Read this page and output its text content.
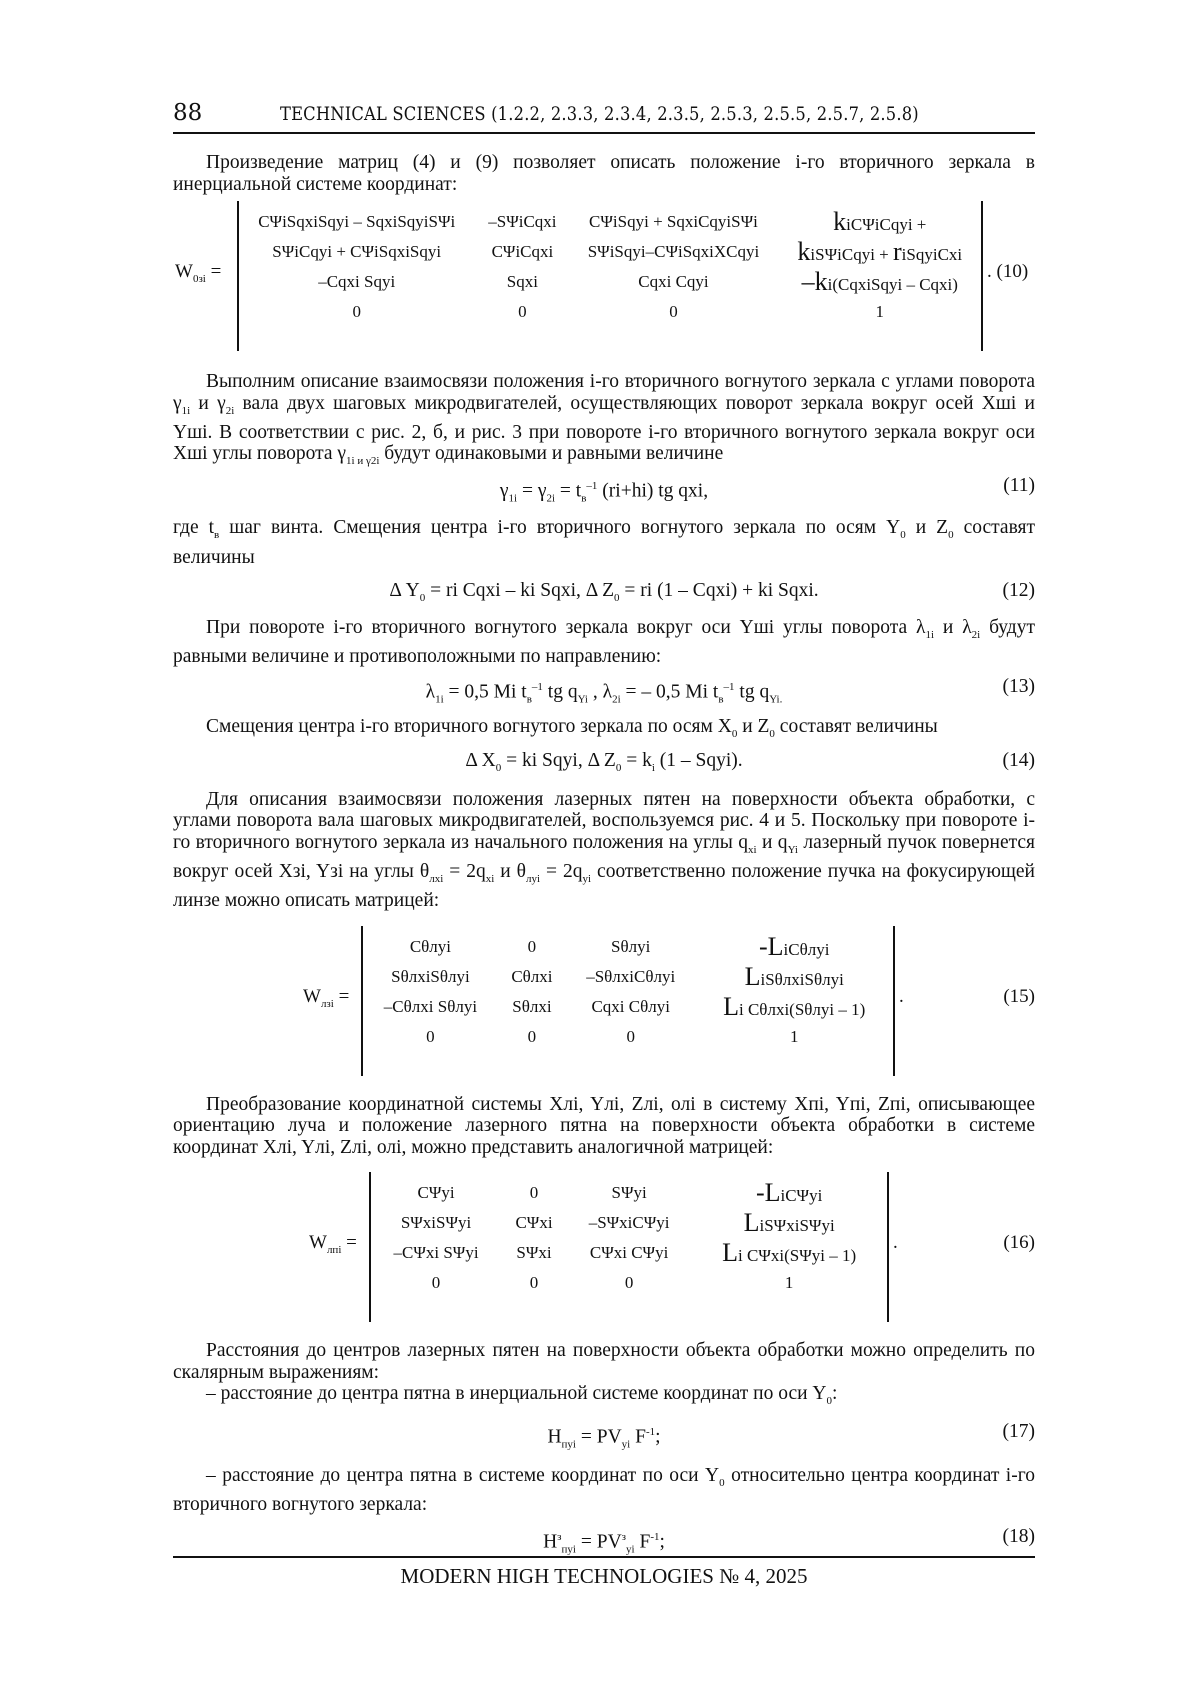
88	TECHNICAL SCIENCES (1.2.2, 2.3.3, 2.3.4, 2.3.5, 2.5.3, 2.5.5, 2.5.7, 2.5.8)

Произведение матриц (4) и (9) позволяет описать положение і-го вторичного зеркала в инерциальной системе координат:

$W_{0зі}$ =
CΨiSqxiSqyi – SqxiSqyiSΨi	–SΨiCqxi	CΨiSqyi + SqxiCqyiSΨi	kiCΨiCqyi +
SΨiCqyi + CΨiSqxiSqyi	CΨiCqxi	SΨiSqyi–CΨiSqxiXCqyi	kiSΨiCqyi + riSqyiCxi
–Cqxi Sqyi	Sqxi	Cqxi Cqyi	–ki(CqxiSqyi – Cqxi)
0	0	0	1
. (10)

Выполним описание взаимосвязи положения і-го вторичного вогнутого зеркала с углами поворота $\gamma_{1i}$ и $\gamma_{2i}$ вала двух шаговых микродвигателей, осуществляющих поворот зеркала вокруг осей Xшi и Yшi. В соответствии с рис. 2, б, и рис. 3 при повороте і-го вторичного вогнутого зеркала вокруг оси Xшi углы поворота $\gamma_{1i и \gamma 2i}$ будут одинаковыми и равными величине

$\gamma_{1i} = \gamma_{2i} = t_в^{-1}$ (ri+hi) tg qxi,	(11)

где $t_в$ шаг винта. Смещения центра і-го вторичного вогнутого зеркала по осям $Y_0$ и $Z_0$ составят величины

Δ $Y_0$ = ri Cqxi – ki Sqxi, Δ $Z_0$ = ri (1 – Cqxi) + ki Sqxi.	(12)

При повороте і-го вторичного вогнутого зеркала вокруг оси Yшi углы поворота $\lambda_{1i}$ и $\lambda_{2i}$ будут равными величине и противоположными по направлению:

$\lambda_{1i} = 0,5$ Mi $t_в^{-1}$ tg $q_{Yi}$ , $\lambda_{2i}$ = – 0,5 Mi $t_в^{-1}$ tg $q_{Yi.}$
(13)

Смещения центра і-го вторичного вогнутого зеркала по осям $X_0$ и $Z_0$ составят величины

Δ $X_0$ = ki Sqyi, Δ $Z_0 = k_i$ (1 – Sqyi).	(14)

Для описания взаимосвязи положения лазерных пятен на поверхности объекта обработки, с углами поворота вала шаговых микродвигателей, воспользуемся рис. 4 и 5. Поскольку при повороте і-го вторичного вогнутого зеркала из начального положения на углы $q_{xi}$ и $q_{Yi}$ лазерный пучок повернется вокруг осей Xзi, Yзi на углы $\theta_{лхi} = 2q_{xi}$ и $\theta_{луi} = 2q_{yi}$ соответственно положение пучка на фокусирующей линзе можно описать матрицей:

$W_{лзі}$ =
Cθлуi	0	Sθлуi	-LiCθлуi
SθлхiSθлуi	Cθлхi	–SθлхiCθлуi	LiSθлхiSθлуi
–Cθлхi Sθлуi	Sθлхi	Cqxi Cθлуi	Li Cθлхi(Sθлуi – 1)
0	0	0	1
.	(15)

Преобразование координатной системы Xлi, Yлi, Zлi, олi в систему Xпi, Yпi, Zпi, описывающее ориентацию луча и положение лазерного пятна на поверхности объекта обработки в системе координат Xлi, Yлi, Zлi, олi, можно представить аналогичной матрицей:

$W_{лпі}$ =
CΨyi	0	SΨyi	-LiCΨyi
SΨxiSΨyi	CΨxi	–SΨxiCΨyi	LiSΨxiSΨyi
–CΨxi SΨyi	SΨxi	CΨxi CΨyi	Li CΨxi(SΨyi – 1)
0	0	0	1
.	(16)

Расстояния до центров лазерных пятен на поверхности объекта обработки можно определить по скалярным выражениям:

– расстояние до центра пятна в инерциальной системе координат по оси $Y_0$:

$H_{пуi} = PV_{yi}$ $F^{-1}$;	(17)

– расстояние до центра пятна в системе координат по оси $Y_0$ относительно центра координат і-го вторичного вогнутого зеркала:

$H^з_{пуi} = PV^з_{yi}$ $F^{-1}$;	(18)
MODERN HIGH TECHNOLOGIES № 4, 2025
